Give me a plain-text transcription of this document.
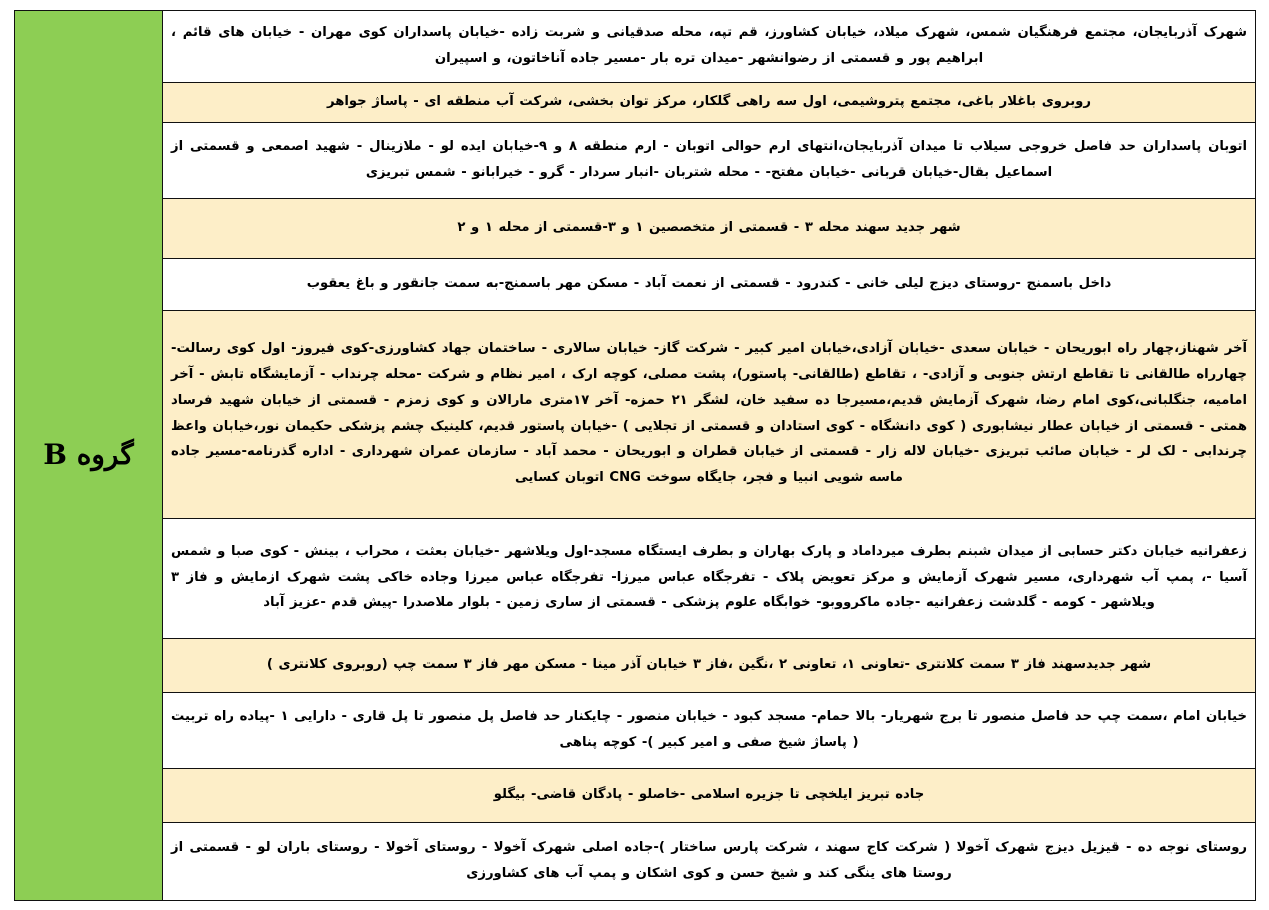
شهرک آذربایجان، مجتمع فرهنگیان شمس، شهرک میلاد، خیابان کشاورز، قم تپه، محله صدقیانی و شربت زاده -خیابان پاسداران کوی مهران - خیابان های قائم ، ابراهیم پور و قسمتی از رضوانشهر -میدان تره بار -مسیر جاده آناخاتون، و اسپیران	گروه B
روبروی باغلار باغی، مجتمع پتروشیمی، اول سه راهی گلکار، مرکز توان بخشی، شرکت آب منطقه ای - پاساژ جواهر
اتوبان پاسداران حد فاصل خروجی سیلاب تا میدان آذربایجان،انتهای ارم حوالی اتوبان - ارم منطقه ۸ و ۹-خیابان ایده لو - ملازینال - شهید اصمعی و قسمتی از اسماعیل بقال-خیابان قربانی -خیابان مفتح- - محله شتربان -انبار سردار - گرو - خیرابانو - شمس تبریزی
شهر جدید سهند محله ۳ - قسمتی از متخصصین ۱ و ۳-قسمتی از محله ۱ و ۲
داخل باسمنج -روستای دیزج لیلی خانی - کندرود - قسمتی از نعمت آباد - مسکن مهر باسمنج-به سمت جانقور و باغ یعقوب
آخر شهناز،چهار راه ابوریحان - خیابان سعدی -خیابان آزادی،خیابان امیر کبیر - شرکت گاز- خیابان سالاری - ساختمان جهاد کشاورزی-کوی فیروز- اول کوی رسالت- چهارراه طالقانی تا تقاطع ارتش جنوبی و آزادی- ، تقاطع (طالقانی- پاستور)، پشت مصلی، کوچه ارک ، امیر نظام و شرکت -محله چرنداب - آزمایشگاه تابش - آخر امامیه، جنگلبانی،کوی امام رضا، شهرک آزمایش قدیم،مسیرجا ده سفید خان، لشگر ۲۱ حمزه- آخر ۱۷متری مارالان و کوی زمزم - قسمتی از خیابان شهید فرساد همتی - قسمتی از خیابان عطار نیشابوری ( کوی دانشگاه - کوی استادان و قسمتی از تجلایی ) -خیابان پاستور قدیم، کلینیک چشم پزشکی حکیمان نور،خیابان واعظ چرندابی - لک لر - خیابان صائب تبریزی -خیابان لاله زار - قسمتی از خیابان قطران و ابوریحان - محمد آباد - سازمان عمران شهرداری - اداره گذرنامه-مسیر جاده ماسه شویی انبیا و فجر، جایگاه سوخت CNG اتوبان کسایی
زعفرانیه خیابان دکتر حسابی از میدان شبنم بطرف میرداماد و پارک بهاران و بطرف ایستگاه مسجد-اول ویلاشهر -خیابان بعثت ، محراب ، بینش - کوی صبا و شمس آسیا -، پمپ آب شهرداری، مسیر شهرک آزمایش و مرکز تعویض پلاک - تفرجگاه عباس میرزا- تفرجگاه عباس میرزا وجاده خاکی پشت شهرک ازمایش و فاز ۳ ویلاشهر - کومه - گلدشت زعفرانیه -جاده ماکرووبو- خوابگاه علوم پزشکی - قسمتی از ساری زمین - بلوار ملاصدرا -پیش قدم -عزیز آباد
شهر جدیدسهند فاز ۳ سمت کلانتری -تعاونی ۱، تعاونی ۲ ،نگین ،فاز ۳ خیابان آذر مینا - مسکن مهر فاز ۳ سمت چپ (روبروی کلانتری )
خیابان امام ،سمت چپ حد فاصل منصور تا برج شهریار- بالا حمام- مسجد کبود - خیابان منصور - چایکنار حد فاصل پل منصور تا پل قاری - دارایی ۱ -پیاده راه تربیت ( پاساژ شیخ صفی و امیر کبیر )- کوچه پناهی
جاده تبریز ایلخچی تا جزیره اسلامی -خاصلو - پادگان قاضی- بیگلو
روستای نوجه ده - قیزیل دیزج شهرک آخولا ( شرکت کاج سهند ، شرکت پارس ساختار )-جاده اصلی شهرک آخولا - روستای آخولا - روستای باران لو - قسمتی از روستا های ینگی کند و شیخ حسن و کوی اشکان و پمپ آب های کشاورزی
